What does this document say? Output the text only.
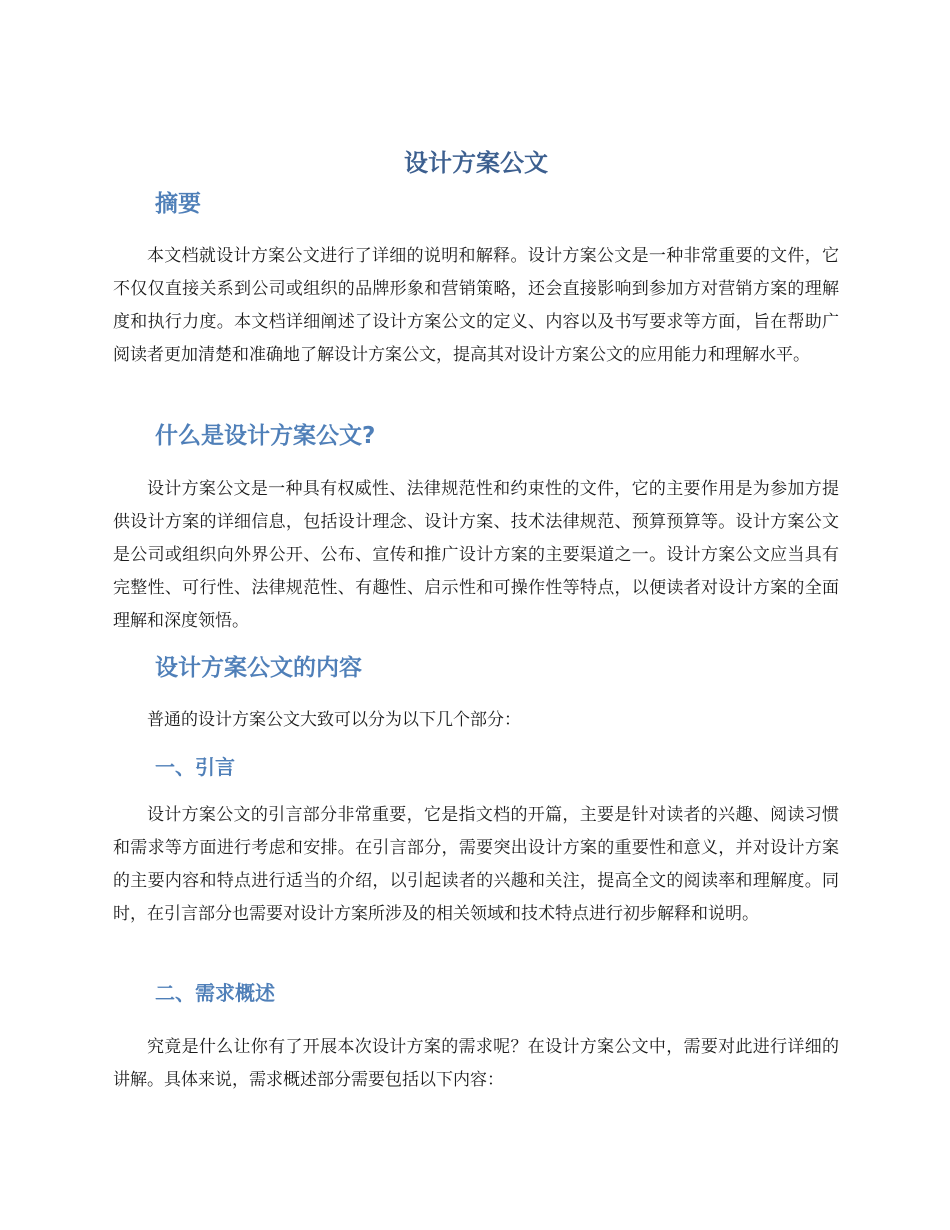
设计方案公文
摘要

本文档就设计方案公文进行了详细的说明和解释。设计方案公文是一种非常重要的文件，它不仅仅直接关系到公司或组织的品牌形象和营销策略，还会直接影响到参加方对营销方案的理解度和执行力度。本文档详细阐述了设计方案公文的定义、内容以及书写要求等方面，旨在帮助广阅读者更加清楚和准确地了解设计方案公文，提高其对设计方案公文的应用能力和理解水平。

什么是设计方案公文?

设计方案公文是一种具有权威性、法律规范性和约束性的文件，它的主要作用是为参加方提供设计方案的详细信息，包括设计理念、设计方案、技术法律规范、预算预算等。设计方案公文是公司或组织向外界公开、公布、宣传和推广设计方案的主要渠道之一。设计方案公文应当具有完整性、可行性、法律规范性、有趣性、启示性和可操作性等特点，以便读者对设计方案的全面理解和深度领悟。

设计方案公文的内容

普通的设计方案公文大致可以分为以下几个部分：

一、引言

设计方案公文的引言部分非常重要，它是指文档的开篇，主要是针对读者的兴趣、阅读习惯和需求等方面进行考虑和安排。在引言部分，需要突出设计方案的重要性和意义，并对设计方案的主要内容和特点进行适当的介绍，以引起读者的兴趣和关注，提高全文的阅读率和理解度。同时，在引言部分也需要对设计方案所涉及的相关领域和技术特点进行初步解释和说明。

二、需求概述

究竟是什么让你有了开展本次设计方案的需求呢？在设计方案公文中，需要对此进行详细的讲解。具体来说，需求概述部分需要包括以下内容：
